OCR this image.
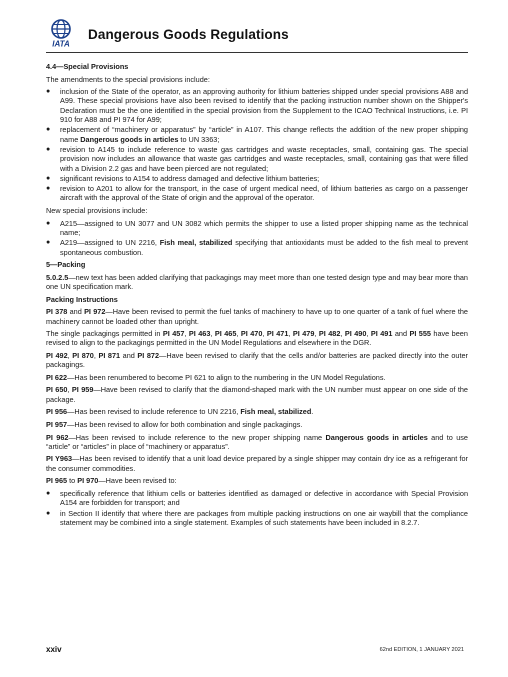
IATA
Dangerous Goods Regulations

4.4—Special Provisions

The amendments to the special provisions include:

● inclusion of the State of the operator, as an approving authority for lithium batteries shipped under special provisions A88 and A99. These special provisions have also been revised to identify that the packing instruction number shown on the Shipper's Declaration must be the one identified in the special provision from the Supplement to the ICAO Technical Instructions, i.e. PI 910 for A88 and PI 974 for A99;
● replacement of “machinery or apparatus” by “article” in A107. This change reflects the addition of the new proper shipping name Dangerous goods in articles to UN 3363;
● revision to A145 to include reference to waste gas cartridges and waste receptacles, small, containing gas. The special provision now includes an allowance that waste gas cartridges and waste receptacles, small, containing gas that were filled with a Division 2.2 gas and have been pierced are not regulated;
● significant revisions to A154 to address damaged and defective lithium batteries;
● revision to A201 to allow for the transport, in the case of urgent medical need, of lithium batteries as cargo on a passenger aircraft with the approval of the State of origin and the approval of the operator.

New special provisions include:

● A215—assigned to UN 3077 and UN 3082 which permits the shipper to use a listed proper shipping name as the technical name;
● A219—assigned to UN 2216, Fish meal, stabilized specifying that antioxidants must be added to the fish meal to prevent spontaneous combustion.

5—Packing

5.0.2.5—new text has been added clarifying that packagings may meet more than one tested design type and may bear more than one UN specification mark.

Packing Instructions

PI 378 and PI 972—Have been revised to permit the fuel tanks of machinery to have up to one quarter of a tank of fuel where the machinery cannot be loaded other than upright.

The single packagings permitted in PI 457, PI 463, PI 465, PI 470, PI 471, PI 479, PI 482, PI 490, PI 491 and PI 555 have been revised to align to the packagings permitted in the UN Model Regulations and elsewhere in the DGR.

PI 492, PI 870, PI 871 and PI 872—Have been revised to clarify that the cells and/or batteries are packed directly into the outer packagings.

PI 622—Has been renumbered to become PI 621 to align to the numbering in the UN Model Regulations.

PI 650, PI 959—Have been revised to clarify that the diamond-shaped mark with the UN number must appear on one side of the package.

PI 956—Has been revised to include reference to UN 2216, Fish meal, stabilized.

PI 957—Has been revised to allow for both combination and single packagings.

PI 962—Has been revised to include reference to the new proper shipping name Dangerous goods in articles and to use “article” or “articles” in place of “machinery or apparatus”.

PI Y963—Has been revised to identify that a unit load device prepared by a single shipper may contain dry ice as a refrigerant for the consumer commodities.

PI 965 to PI 970—Have been revised to:

● specifically reference that lithium cells or batteries identified as damaged or defective in accordance with Special Provision A154 are forbidden for transport; and
● in Section II identify that where there are packages from multiple packing instructions on one air waybill that the compliance statement may be combined into a single statement. Examples of such statements have been included in 8.2.7.
xxiv	62nd EDITION, 1 JANUARY 2021
